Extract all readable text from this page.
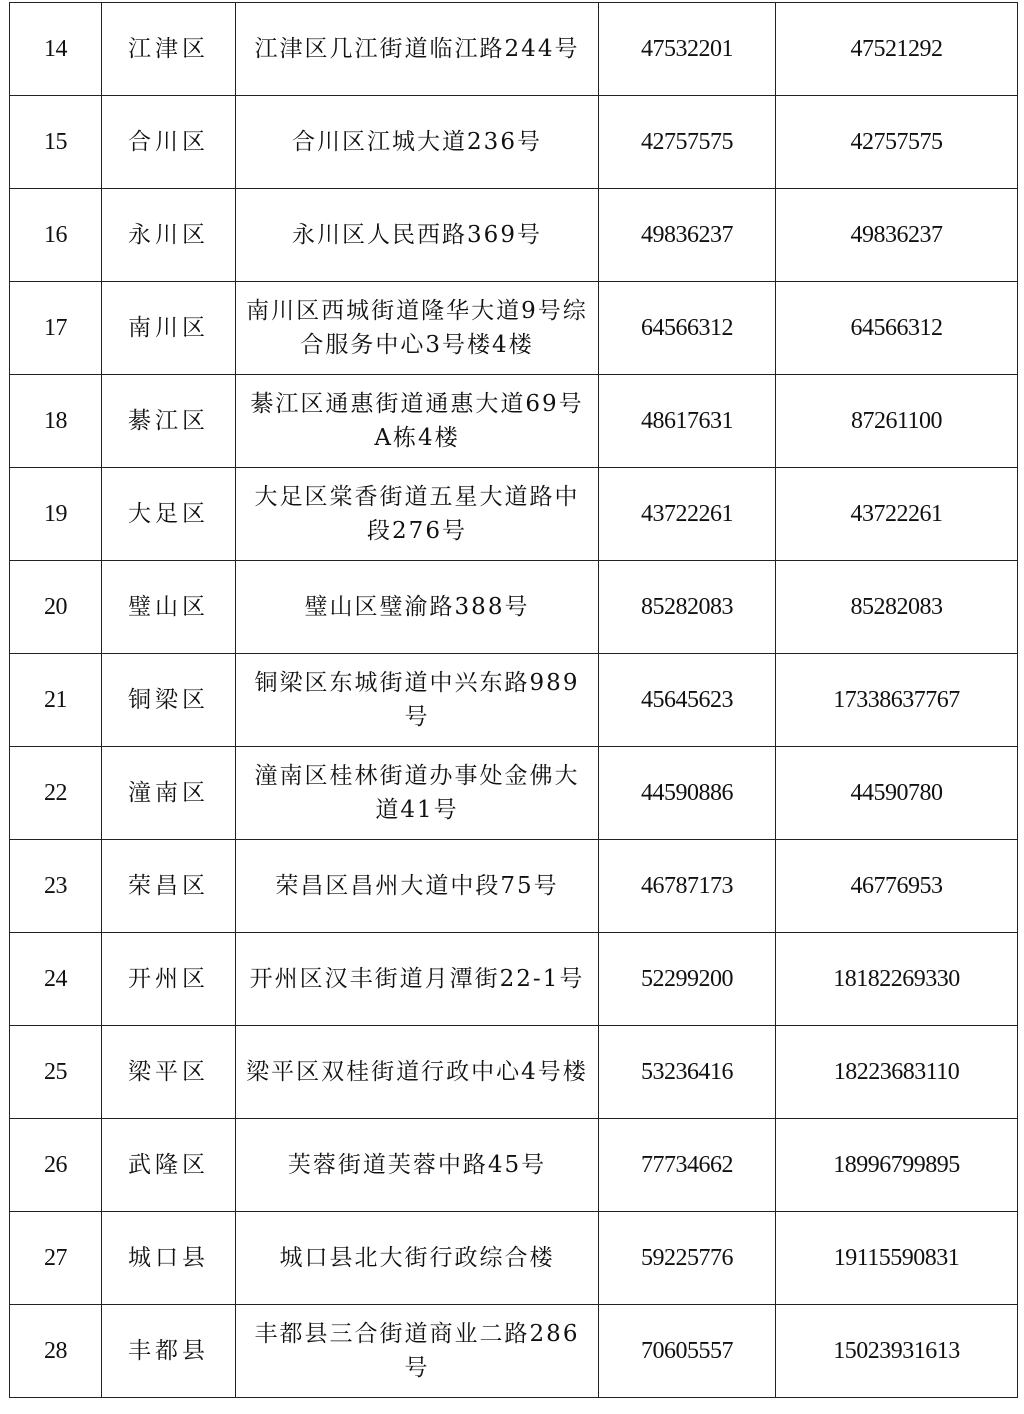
14	江津区	江津区几江街道临江路244号	47532201	47521292
15	合川区	合川区江城大道236号	42757575	42757575
16	永川区	永川区人民西路369号	49836237	49836237
17	南川区	南川区西城街道隆华大道9号综合服务中心3号楼4楼	64566312	64566312
18	綦江区	綦江区通惠街道通惠大道69号A栋4楼	48617631	87261100
19	大足区	大足区棠香街道五星大道路中段276号	43722261	43722261
20	璧山区	璧山区璧渝路388号	85282083	85282083
21	铜梁区	铜梁区东城街道中兴东路989号	45645623	17338637767
22	潼南区	潼南区桂林街道办事处金佛大道41号	44590886	44590780
23	荣昌区	荣昌区昌州大道中段75号	46787173	46776953
24	开州区	开州区汉丰街道月潭街22-1号	52299200	18182269330
25	梁平区	梁平区双桂街道行政中心4号楼	53236416	18223683110
26	武隆区	芙蓉街道芙蓉中路45号	77734662	18996799895
27	城口县	城口县北大街行政综合楼	59225776	19115590831
28	丰都县	丰都县三合街道商业二路286号	70605557	15023931613
